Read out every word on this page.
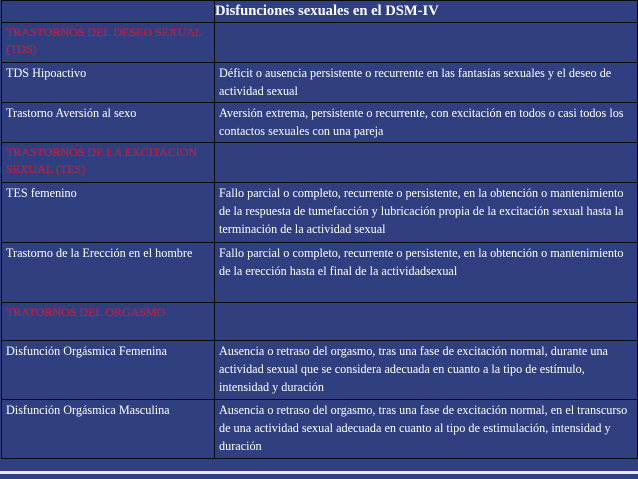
	Disfunciones sexuales en el DSM-IV
TRASTORNOS DEL DESEO SEXUAL (TDS)	
TDS Hipoactivo	Déficit o ausencia persistente o recurrente en las fantasías sexuales y el deseo de actividad sexual
Trastorno Aversión al sexo	Aversión extrema, persistente o recurrente, con excitación en todos o casi todos los contactos sexuales con una pareja
TRASTORNOS DE LA EXCITACION SEXUAL (TES)	
TES femenino	Fallo parcial o completo, recurrente o persistente, en la obtención o mantenimiento de la respuesta de tumefacción y lubricación propia de la excitación sexual hasta la terminación de la actividad sexual
Trastorno de la Erección en el hombre	Fallo parcial o completo, recurrente o persistente, en la obtención o mantenimiento de la erección hasta el final de la actividadsexual
TRATORNOS DEL ORGASMO	
Disfunción Orgásmica Femenina	Ausencia o retraso del orgasmo, tras una fase de excitación normal, durante una actividad sexual que se considera adecuada en cuanto a la tipo de estímulo, intensidad y duración
Disfunción Orgásmica Masculina	Ausencia o retraso del orgasmo, tras una fase de excitación normal, en el transcurso de una actividad sexual adecuada en cuanto al tipo de estimulación, intensidad y duración
